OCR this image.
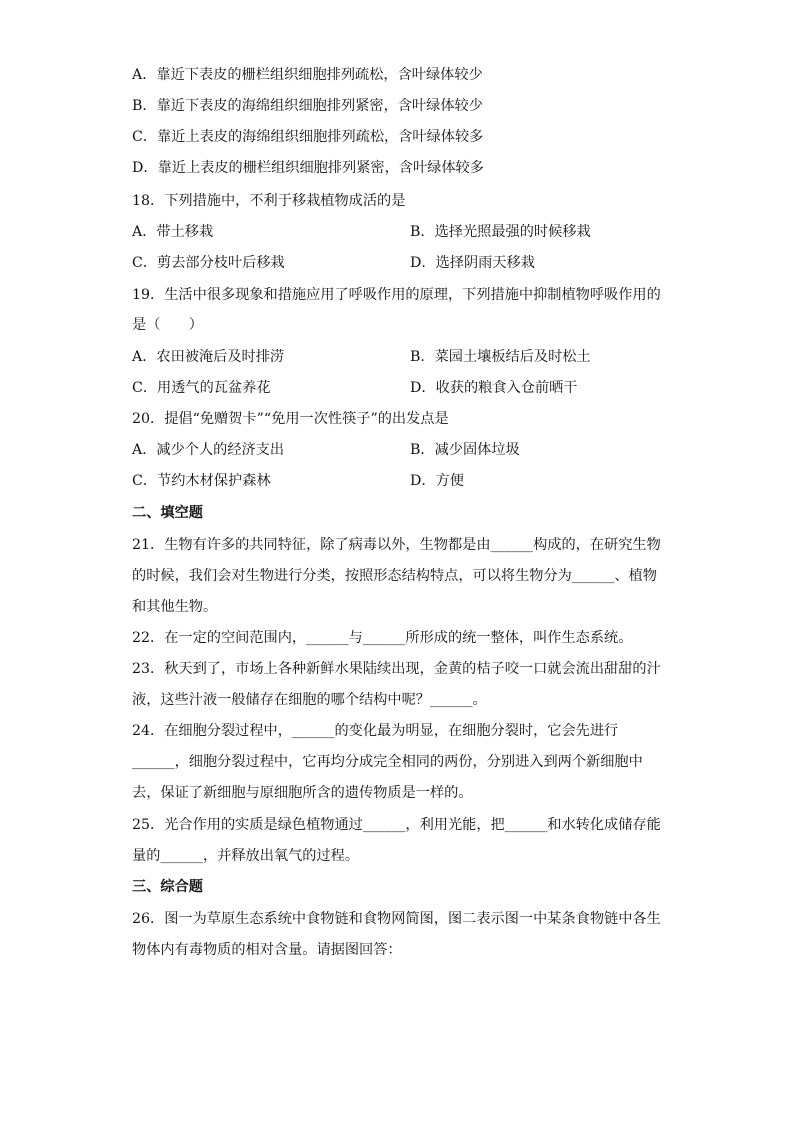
A．靠近下表皮的栅栏组织细胞排列疏松，含叶绿体较少
B．靠近下表皮的海绵组织细胞排列紧密，含叶绿体较少
C．靠近上表皮的海绵组织细胞排列疏松，含叶绿体较多
D．靠近上表皮的栅栏组织细胞排列紧密，含叶绿体较多
18．下列措施中，不利于移栽植物成活的是
A．带土移栽	B．选择光照最强的时候移栽
C．剪去部分枝叶后移栽	D．选择阴雨天移栽
19．生活中很多现象和措施应用了呼吸作用的原理，下列措施中抑制植物呼吸作用的
是（　　）
A．农田被淹后及时排涝	B．菜园土壤板结后及时松土
C．用透气的瓦盆养花	D．收获的粮食入仓前晒干
20．提倡“免赠贺卡”“免用一次性筷子”的出发点是
A．减少个人的经济支出	B．减少固体垃圾
C．节约木材保护森林	D．方便
二、填空题
21．生物有许多的共同特征，除了病毒以外，生物都是由______构成的，在研究生物
的时候，我们会对生物进行分类，按照形态结构特点，可以将生物分为______、植物
和其他生物。
22．在一定的空间范围内，______与______所形成的统一整体，叫作生态系统。
23．秋天到了，市场上各种新鲜水果陆续出现，金黄的桔子咬一口就会流出甜甜的汁
液，这些汁液一般储存在细胞的哪个结构中呢？______。
24．在细胞分裂过程中，______的变化最为明显，在细胞分裂时，它会先进行
______，细胞分裂过程中，它再均分成完全相同的两份，分别进入到两个新细胞中
去，保证了新细胞与原细胞所含的遗传物质是一样的。
25．光合作用的实质是绿色植物通过______，利用光能，把______和水转化成储存能
量的______，并释放出氧气的过程。
三、综合题
26．图一为草原生态系统中食物链和食物网简图，图二表示图一中某条食物链中各生
物体内有毒物质的相对含量。请据图回答：
